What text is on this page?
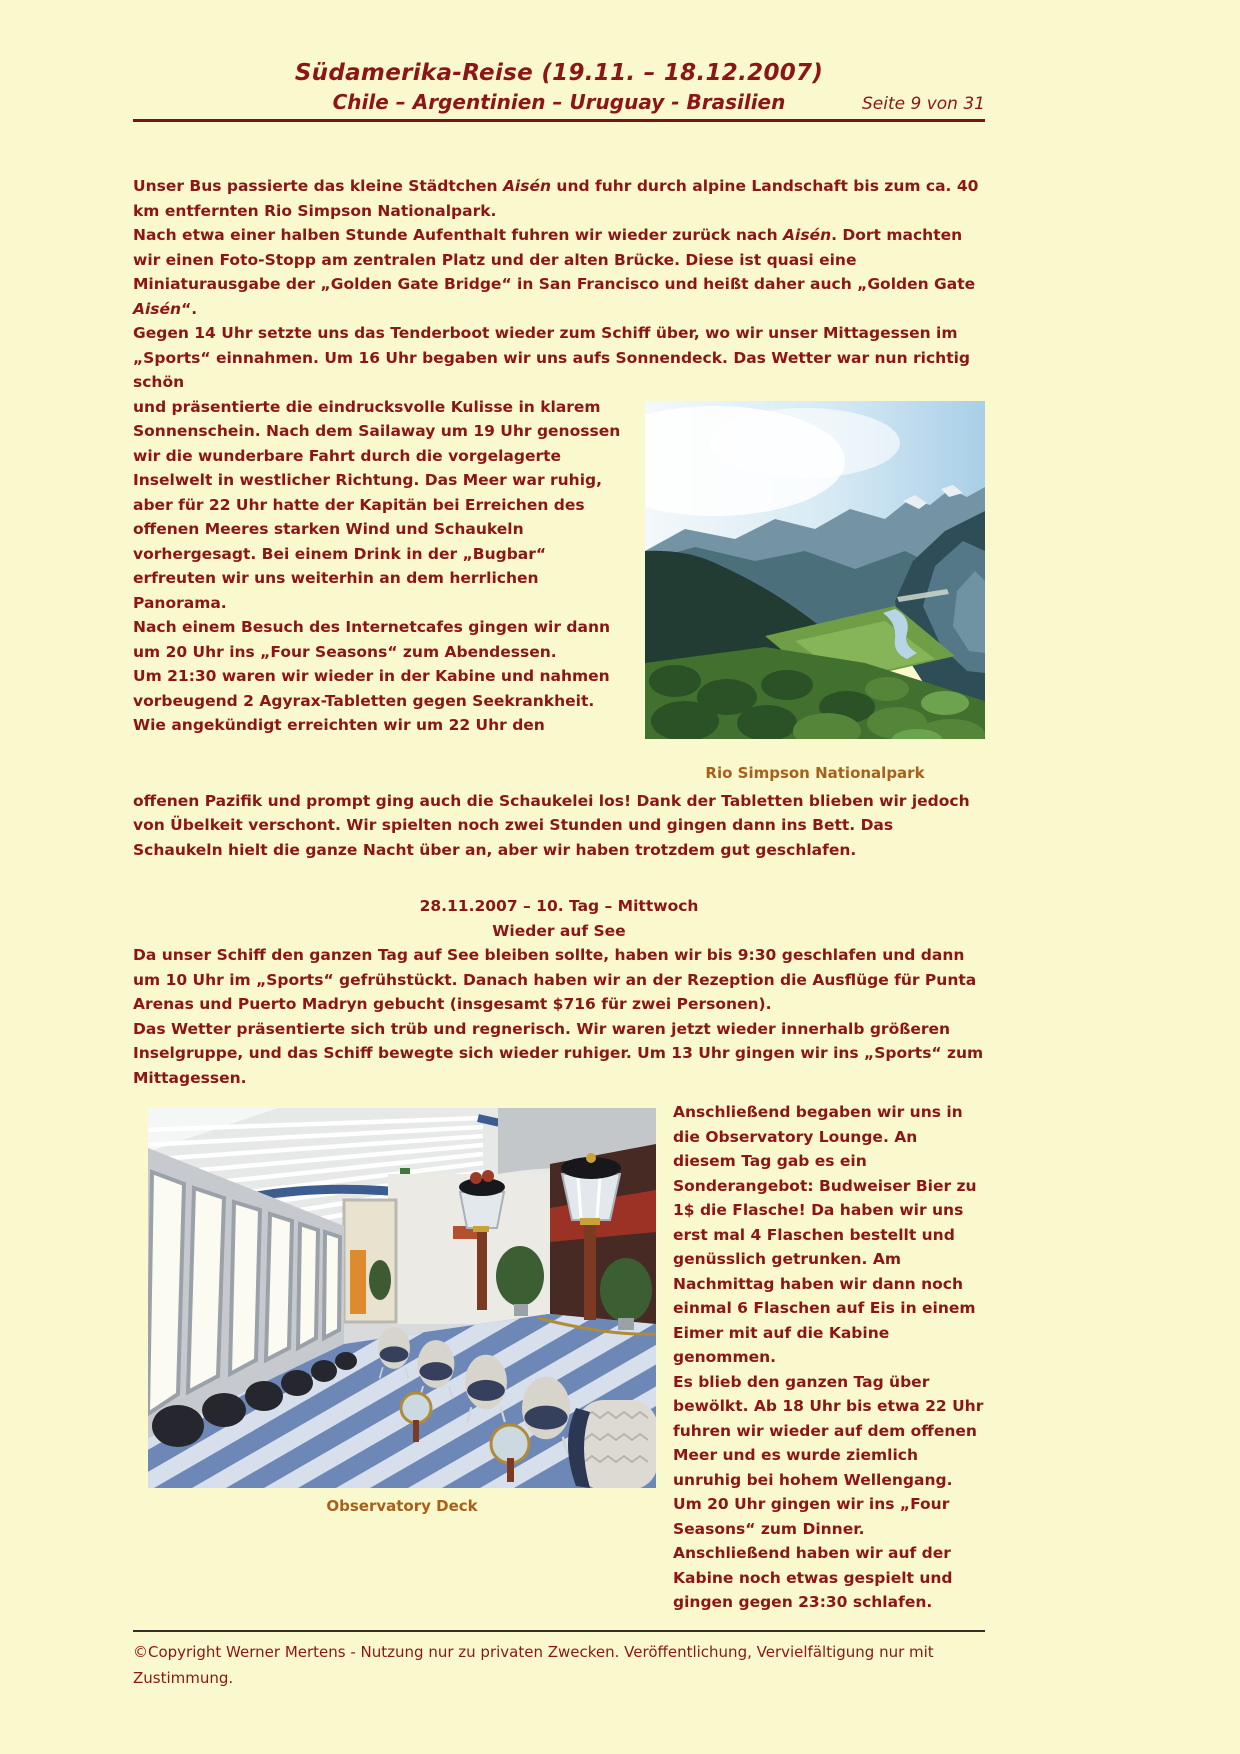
Südamerika-Reise (19.11. – 18.12.2007)
Chile – Argentinien – Uruguay - Brasilien	Seite 9 von 31

Unser Bus passierte das kleine Städtchen Aisén und fuhr durch alpine Landschaft bis zum ca. 40 km entfernten Rio Simpson Nationalpark.

Nach etwa einer halben Stunde Aufenthalt fuhren wir wieder zurück nach Aisén. Dort machten wir einen Foto-Stopp am zentralen Platz und der alten Brücke. Diese ist quasi eine Miniaturausgabe der „Golden Gate Bridge“ in San Francisco und heißt daher auch „Golden Gate Aisén“.

Gegen 14 Uhr setzte uns das Tenderboot wieder zum Schiff über, wo wir unser Mittagessen im „Sports“ einnahmen. Um 16 Uhr begaben wir uns aufs Sonnendeck. Das Wetter war nun richtig schön

Rio Simpson Nationalpark

und präsentierte die eindrucksvolle Kulisse in klarem Sonnenschein. Nach dem Sailaway um 19 Uhr genossen wir die wunderbare Fahrt durch die vorgelagerte Inselwelt in westlicher Richtung. Das Meer war ruhig, aber für 22 Uhr hatte der Kapitän bei Erreichen des offenen Meeres starken Wind und Schaukeln vorhergesagt. Bei einem Drink in der „Bugbar“ erfreuten wir uns weiterhin an dem herrlichen Panorama.

Nach einem Besuch des Internetcafes gingen wir dann um 20 Uhr ins „Four Seasons“ zum Abendessen.

Um 21:30 waren wir wieder in der Kabine und nahmen vorbeugend 2 Agyrax-Tabletten gegen Seekrankheit.

Wie angekündigt erreichten wir um 22 Uhr den

offenen Pazifik und prompt ging auch die Schaukelei los! Dank der Tabletten blieben wir jedoch von Übelkeit verschont. Wir spielten noch zwei Stunden und gingen dann ins Bett. Das Schaukeln hielt die ganze Nacht über an, aber wir haben trotzdem gut geschlafen.

28.11.2007 – 10. Tag – Mittwoch

Wieder auf See

Da unser Schiff den ganzen Tag auf See bleiben sollte, haben wir bis 9:30 geschlafen und dann um 10 Uhr im „Sports“ gefrühstückt. Danach haben wir an der Rezeption die Ausflüge für Punta Arenas und Puerto Madryn gebucht (insgesamt $716 für zwei Personen).

Das Wetter präsentierte sich trüb und regnerisch. Wir waren jetzt wieder innerhalb größeren Inselgruppe, und das Schiff bewegte sich wieder ruhiger. Um 13 Uhr gingen wir ins „Sports“ zum Mittagessen.

Observatory Deck

Anschließend begaben wir uns in die Observatory Lounge. An diesem Tag gab es ein Sonderangebot: Budweiser Bier zu 1$ die Flasche! Da haben wir uns erst mal 4 Flaschen bestellt und genüsslich getrunken. Am Nachmittag haben wir dann noch einmal 6 Flaschen auf Eis in einem Eimer mit auf die Kabine genommen.

Es blieb den ganzen Tag über bewölkt. Ab 18 Uhr bis etwa 22 Uhr fuhren wir wieder auf dem offenen Meer und es wurde ziemlich unruhig bei hohem Wellengang.

Um 20 Uhr gingen wir ins „Four Seasons“ zum Dinner. Anschließend haben wir auf der Kabine noch etwas gespielt und gingen gegen 23:30 schlafen.

©Copyright Werner Mertens - Nutzung nur zu privaten Zwecken. Veröffentlichung, Vervielfältigung nur mit
Zustimmung.
